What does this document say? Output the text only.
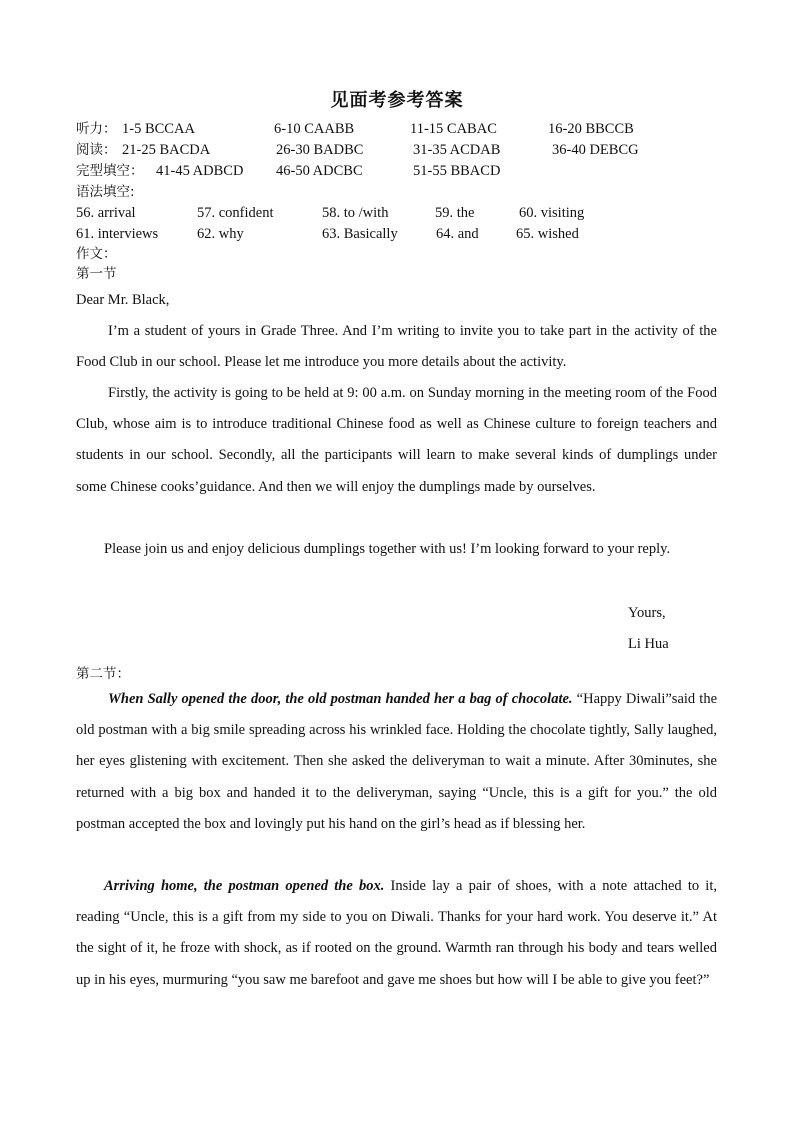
见面考参考答案
听力： 1-5 BCCAA	6-10 CAABB	11-15 CABAC	16-20 BBCCB
阅读： 21-25 BACDA	26-30 BADBC	31-35 ACDAB	36-40 DEBCG
完型填空： 41-45 ADBCD 46-50 ADCBC	51-55 BBACD
语法填空:
56. arrival	57. confident	58. to /with	59. the	60. visiting
61. interviews	62. why	63. Basically	64. and	65. wished
作文：
第一节
Dear Mr. Black,

I’m a student of yours in Grade Three. And I’m writing to invite you to take part in the activity of the Food Club in our school. Please let me introduce you more details about the activity.

Firstly, the activity is going to be held at 9: 00 a.m. on Sunday morning in the meeting room of the Food Club, whose aim is to introduce traditional Chinese food as well as Chinese culture to foreign teachers and students in our school. Secondly, all the participants will learn to make several kinds of dumplings under some Chinese cooks’guidance. And then we will enjoy the dumplings made by ourselves.

Please join us and enjoy delicious dumplings together with us! I’m looking forward to your reply.

Yours,
Li Hua
第二节：

When Sally opened the door, the old postman handed her a bag of chocolate. “Happy Diwali”said the old postman with a big smile spreading across his wrinkled face. Holding the chocolate tightly, Sally laughed, her eyes glistening with excitement. Then she asked the deliveryman to wait a minute. After 30minutes, she returned with a big box and handed it to the deliveryman, saying “Uncle, this is a gift for you.” the old postman accepted the box and lovingly put his hand on the girl’s head as if blessing her.

Arriving home, the postman opened the box. Inside lay a pair of shoes, with a note attached to it, reading “Uncle, this is a gift from my side to you on Diwali. Thanks for your hard work. You deserve it.” At the sight of it, he froze with shock, as if rooted on the ground. Warmth ran through his body and tears welled up in his eyes, murmuring “you saw me barefoot and gave me shoes but how will I be able to give you feet?”
